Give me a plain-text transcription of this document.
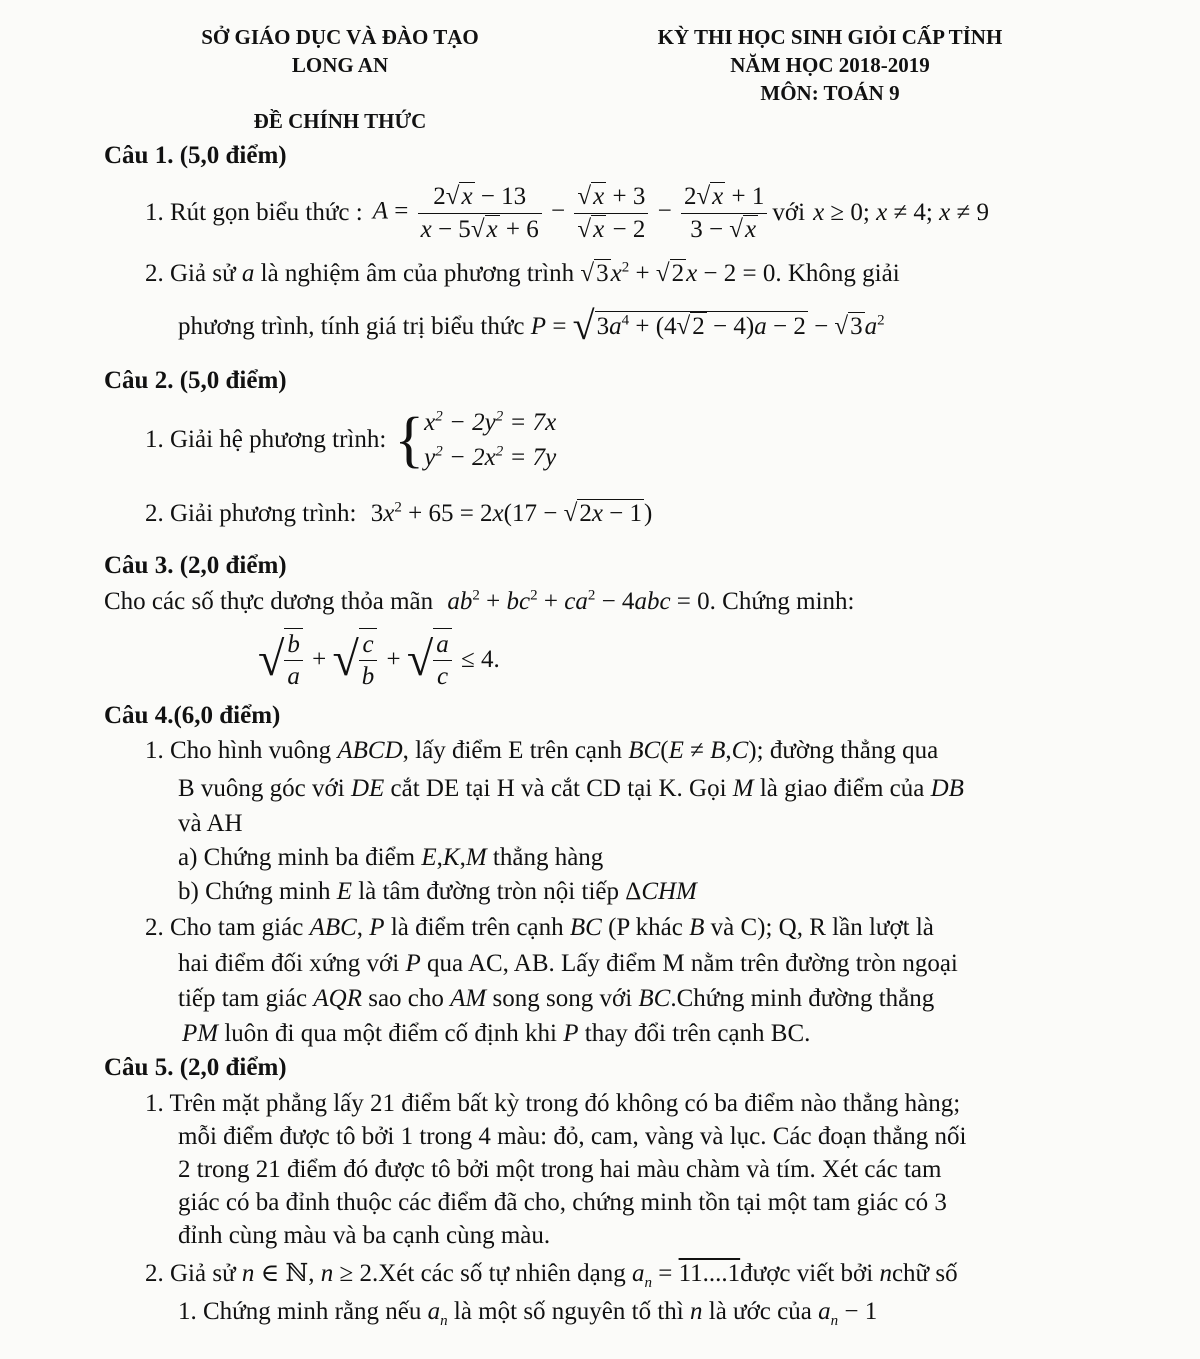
SỞ GIÁO DỤC VÀ ĐÀO TẠO
LONG AN
KỲ THI HỌC SINH GIỎI CẤP TỈNH
NĂM HỌC 2018-2019
MÔN: TOÁN 9
ĐỀ CHÍNH THỨC
Câu 1. (5,0 điểm)
1. Rút gọn biểu thức : $A = \frac{2√x - 13}{x - 5√x + 6} - \frac{√x + 3}{√x - 2} - \frac{2√x + 1}{3 - √x}$ với x ≥ 0; x ≠ 4; x ≠ 9
2. Giả sử a là nghiệm âm của phương trình $√3x^2 + √2x - 2 = 0$. Không giải
phương trình, tính giá trị biểu thức $P = √3a^4 + (4√2 - 4)a - 2 - √3a^2$
Câu 2. (5,0 điểm)
1. Giải hệ phương trình: { $x^2 - 2y^2 = 7x$
$y^2 - 2x^2 = 7y$
2. Giải phương trình: $3x^2 + 65 = 2x(17 - √2x - 1)$
Câu 3. (2,0 điểm)
Cho các số thực dương thỏa mãn $ab^2 + bc^2 + ca^2 - 4abc = 0$. Chứng minh:
√ $\frac{b}{a}$ + √ $\frac{c}{b}$ + √ $\frac{a}{c} \le 4$.
Câu 4.(6,0 điểm)
1. Cho hình vuông ABCD, lấy điểm E trên cạnh BC(E ≠ B,C); đường thẳng qua
B vuông góc với DE cắt DE tại H và cắt CD tại K. Gọi M là giao điểm của DB
và AH
a) Chứng minh ba điểm E,K,M thẳng hàng
b) Chứng minh E là tâm đường tròn nội tiếp ΔCHM
2. Cho tam giác ABC, P là điểm trên cạnh BC (P khác B và C); Q, R lần lượt là
hai điểm đối xứng với P qua AC, AB. Lấy điểm M nằm trên đường tròn ngoại
tiếp tam giác AQR sao cho AM song song với BC.Chứng minh đường thẳng
PM luôn đi qua một điểm cố định khi P thay đổi trên cạnh BC.
Câu 5. (2,0 điểm)
1. Trên mặt phẳng lấy 21 điểm bất kỳ trong đó không có ba điểm nào thẳng hàng;
mỗi điểm được tô bởi 1 trong 4 màu: đỏ, cam, vàng và lục. Các đoạn thẳng nối
2 trong 21 điểm đó được tô bởi một trong hai màu chàm và tím. Xét các tam
giác có ba đỉnh thuộc các điểm đã cho, chứng minh tồn tại một tam giác có 3
đỉnh cùng màu và ba cạnh cùng màu.
2. Giả sử n ∈ ℕ, n ≥ 2.Xét các số tự nhiên dạng $a_n$ = 11....1được viết bởi nchữ số
1. Chứng minh rằng nếu $a_n$ là một số nguyên tố thì n là ước của $a_n - 1$
